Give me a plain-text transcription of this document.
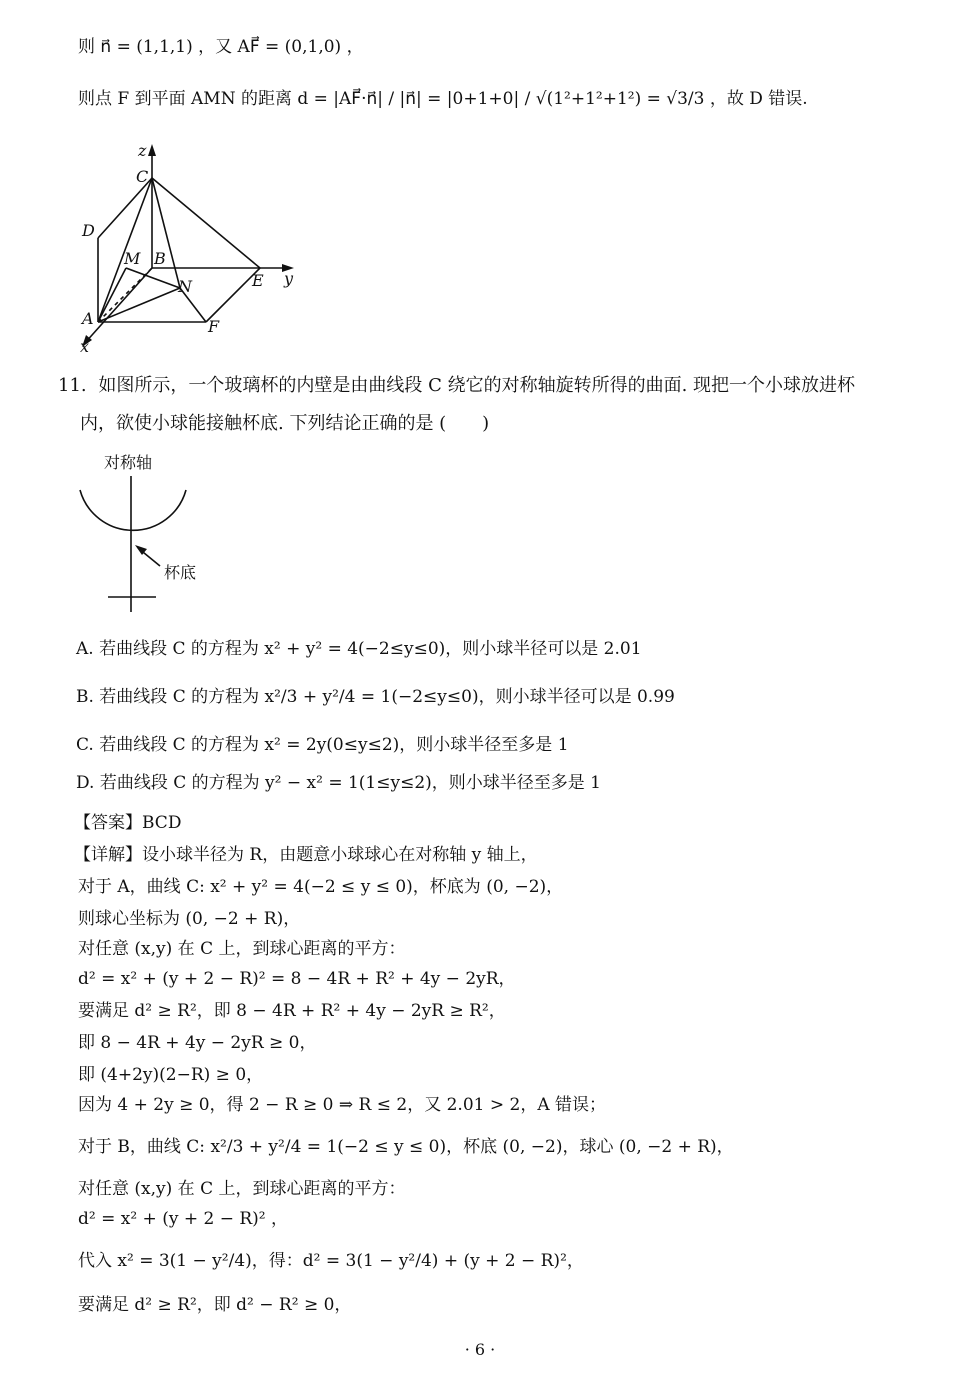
则 n⃗ = (1,1,1) ，又 AF⃗ = (0,1,0) ，
则点 F 到平面 AMN 的距离 d = |AF⃗·n⃗| / |n⃗| = |0+1+0| / √(1²+1²+1²) = √3/3 ，故 D 错误.
z
C
D
M B
N	E y
A	F
x
对称轴
杯底
11. 如图所示，一个玻璃杯的内壁是由曲线段 C 绕它的对称轴旋转所得的曲面. 现把一个小球放进杯
内，欲使小球能接触杯底. 下列结论正确的是 (　　)
A. 若曲线段 C 的方程为 x² + y² = 4(−2≤y≤0)，则小球半径可以是 2.01
B. 若曲线段 C 的方程为 x²/3 + y²/4 = 1(−2≤y≤0)，则小球半径可以是 0.99
C. 若曲线段 C 的方程为 x² = 2y(0≤y≤2)，则小球半径至多是 1
D. 若曲线段 C 的方程为 y² − x² = 1(1≤y≤2)，则小球半径至多是 1
【答案】BCD
【详解】设小球半径为 R，由题意小球球心在对称轴 y 轴上，
对于 A，曲线 C: x² + y² = 4(−2 ≤ y ≤ 0)，杯底为 (0, −2)，
则球心坐标为 (0, −2 + R)，
对任意 (x,y) 在 C 上，到球心距离的平方：
d² = x² + (y + 2 − R)² = 8 − 4R + R² + 4y − 2yR，
要满足 d² ≥ R²，即 8 − 4R + R² + 4y − 2yR ≥ R²，
即 8 − 4R + 4y − 2yR ≥ 0，
即 (4+2y)(2−R) ≥ 0，
因为 4 + 2y ≥ 0，得 2 − R ≥ 0 ⇒ R ≤ 2，又 2.01 > 2，A 错误；
对于 B，曲线 C: x²/3 + y²/4 = 1(−2 ≤ y ≤ 0)，杯底 (0, −2)，球心 (0, −2 + R)，
对任意 (x,y) 在 C 上，到球心距离的平方：
d² = x² + (y + 2 − R)² ，
代入 x² = 3(1 − y²/4)，得：d² = 3(1 − y²/4) + (y + 2 − R)²，
要满足 d² ≥ R²，即 d² − R² ≥ 0，
· 6 ·
